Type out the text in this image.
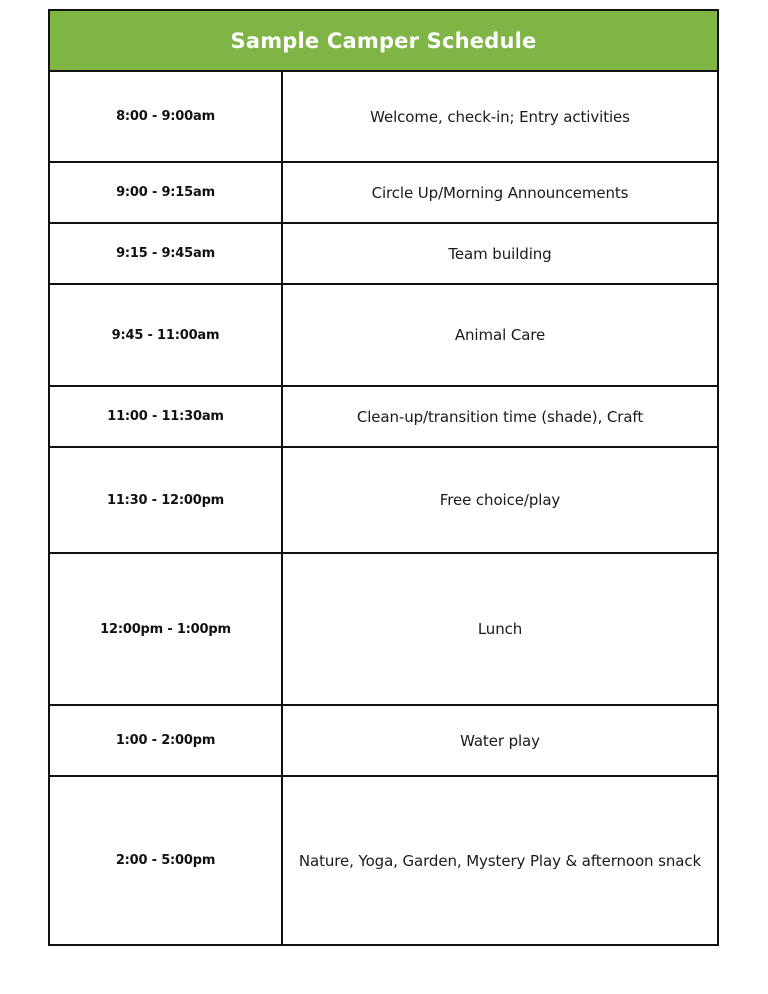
Sample Camper Schedule
8:00 - 9:00am	Welcome, check-in; Entry activities
9:00 - 9:15am	Circle Up/Morning Announcements
9:15 - 9:45am	Team building
9:45 - 11:00am	Animal Care
11:00 - 11:30am	Clean-up/transition time (shade), Craft
11:30 - 12:00pm	Free choice/play
12:00pm - 1:00pm	Lunch
1:00 - 2:00pm	Water play
2:00 - 5:00pm	Nature, Yoga, Garden, Mystery Play & afternoon snack
